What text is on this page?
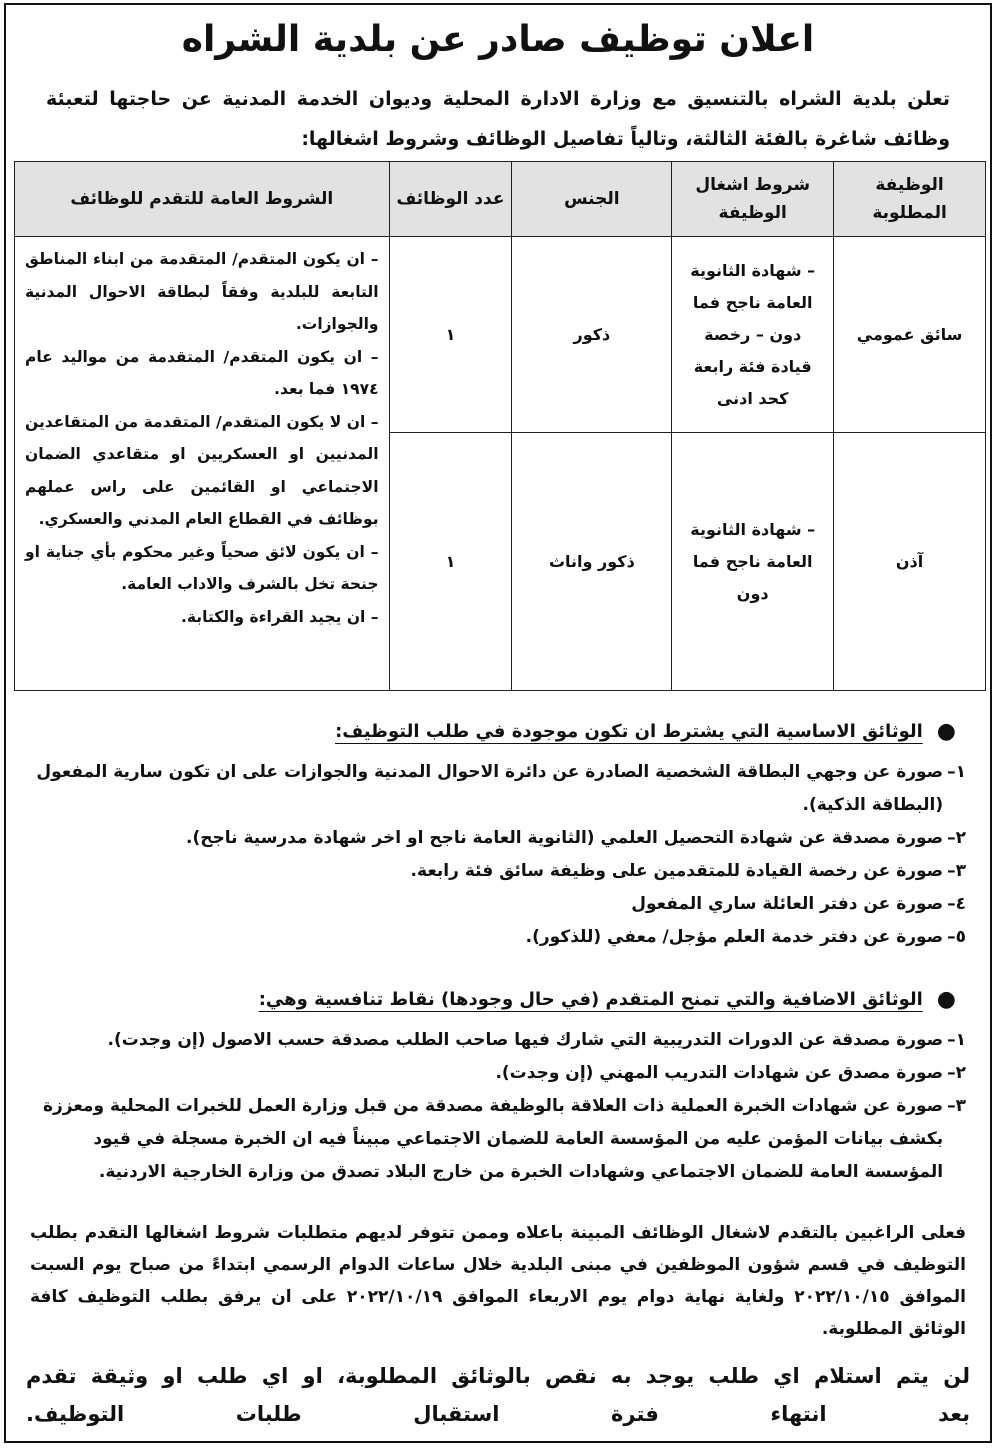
اعلان توظيف صادر عن بلدية الشراه

تعلن بلدية الشراه بالتنسيق مع وزارة الادارة المحلية وديوان الخدمة المدنية عن حاجتها لتعبئة وظائف شاغرة بالفئة الثالثة، وتالياً تفاصيل الوظائف وشروط اشغالها:

الوظيفة المطلوبة	شروط اشغال الوظيفة	الجنس	عدد الوظائف	الشروط العامة للتقدم للوظائف
سائق عمومي	– شهادة الثانوية العامة ناجح فما دون – رخصة قيادة فئة رابعة كحد ادنى	ذكور	١	– ان يكون المتقدم/ المتقدمة من ابناء المناطق التابعة للبلدية وفقاً لبطاقة الاحوال المدنية والجوازات.

– ان يكون المتقدم/ المتقدمة من مواليد عام ١٩٧٤ فما بعد.

– ان لا يكون المتقدم/ المتقدمة من المتقاعدين المدنيين او العسكريين او متقاعدي الضمان الاجتماعي او القائمين على راس عملهم بوظائف في القطاع العام المدني والعسكري.

– ان يكون لائق صحياً وغير محكوم بأي جناية او جنحة تخل بالشرف والاداب العامة.

– ان يجيد القراءة والكتابة.

آذن	– شهادة الثانوية العامة ناجح فما دون	ذكور واناث	١	
●
الوثائق الاساسية التي يشترط ان تكون موجودة في طلب التوظيف:
١–
صورة عن وجهي البطاقة الشخصية الصادرة عن دائرة الاحوال المدنية والجوازات على ان تكون سارية المفعول (البطاقة الذكية).
٢–
صورة مصدقة عن شهادة التحصيل العلمي (الثانوية العامة ناجح او اخر شهادة مدرسية ناجح).
٣–
صورة عن رخصة القيادة للمتقدمين على وظيفة سائق فئة رابعة.
٤–
صورة عن دفتر العائلة ساري المفعول
٥–
صورة عن دفتر خدمة العلم مؤجل/ معفي (للذكور).
●
الوثائق الاضافية والتي تمنح المتقدم (في حال وجودها) نقاط تنافسية وهي:
١–
صورة مصدقة عن الدورات التدريبية التي شارك فيها صاحب الطلب مصدقة حسب الاصول (إن وجدت).
٢–
صورة مصدق عن شهادات التدريب المهني (إن وجدت).
٣–
صورة عن شهادات الخبرة العملية ذات العلاقة بالوظيفة مصدقة من قبل وزارة العمل للخبرات المحلية ومعززة بكشف بيانات المؤمن عليه من المؤسسة العامة للضمان الاجتماعي مبيناً فيه ان الخبرة مسجلة في قيود المؤسسة العامة للضمان الاجتماعي وشهادات الخبرة من خارج البلاد تصدق من وزارة الخارجية الاردنية.

فعلى الراغبين بالتقدم لاشغال الوظائف المبينة باعلاه وممن تتوفر لديهم متطلبات شروط اشغالها التقدم بطلب التوظيف في قسم شؤون الموظفين في مبنى البلدية خلال ساعات الدوام الرسمي ابتداءً من صباح يوم السبت الموافق ٢٠٢٢/١٠/١٥ ولغاية نهاية دوام يوم الاربعاء الموافق ٢٠٢٢/١٠/١٩ على ان يرفق بطلب التوظيف كافة الوثائق المطلوبة.

لن يتم استلام اي طلب يوجد به نقص بالوثائق المطلوبة، او اي طلب او وثيقة تقدم بعد انتهاء فترة استقبال طلبات التوظيف.
